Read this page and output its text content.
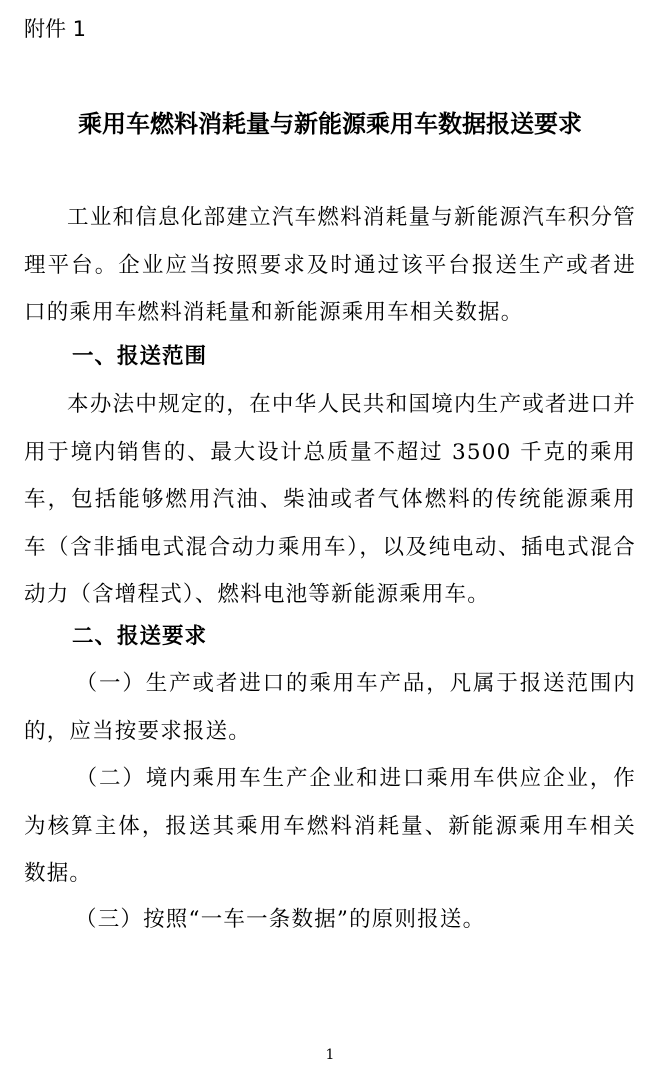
附件 1
乘用车燃料消耗量与新能源乘用车数据报送要求

工业和信息化部建立汽车燃料消耗量与新能源汽车积分管理平台。企业应当按照要求及时通过该平台报送生产或者进口的乘用车燃料消耗量和新能源乘用车相关数据。

一、报送范围

本办法中规定的，在中华人民共和国境内生产或者进口并用于境内销售的、最大设计总质量不超过 3500 千克的乘用车，包括能够燃用汽油、柴油或者气体燃料的传统能源乘用车（含非插电式混合动力乘用车），以及纯电动、插电式混合动力（含增程式）、燃料电池等新能源乘用车。

二、报送要求

（一）生产或者进口的乘用车产品，凡属于报送范围内的，应当按要求报送。

（二）境内乘用车生产企业和进口乘用车供应企业，作为核算主体，报送其乘用车燃料消耗量、新能源乘用车相关数据。

（三）按照“一车一条数据”的原则报送。

1
